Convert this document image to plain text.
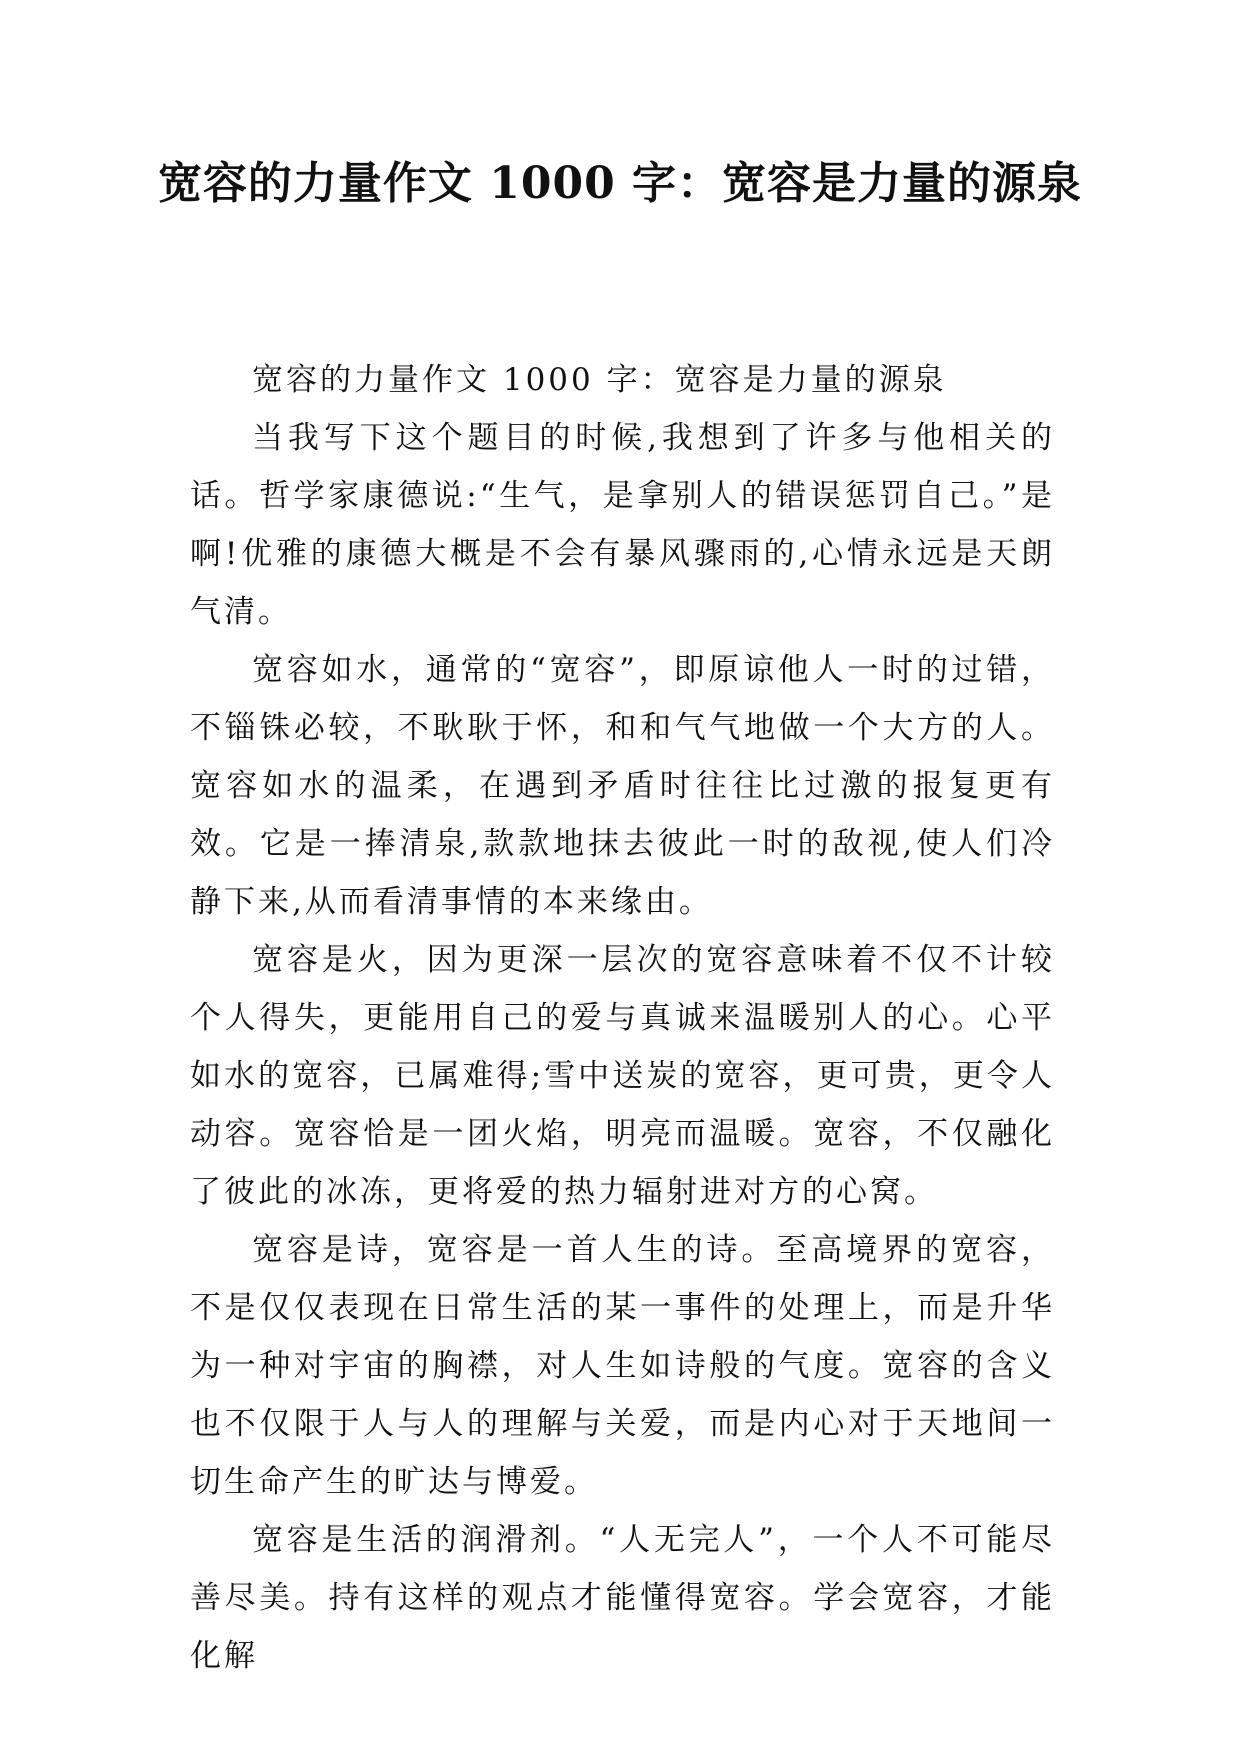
宽容的力量作文 1000 字：宽容是力量的源泉

宽容的力量作文 1000 字：宽容是力量的源泉

当我写下这个题目的时候,我想到了许多与他相关的话。哲学家康德说:“生气，是拿别人的错误惩罚自己。”是啊!优雅的康德大概是不会有暴风骤雨的,心情永远是天朗气清。

宽容如水，通常的“宽容”，即原谅他人一时的过错，不锱铢必较，不耿耿于怀，和和气气地做一个大方的人。宽容如水的温柔，在遇到矛盾时往往比过激的报复更有效。它是一捧清泉,款款地抹去彼此一时的敌视,使人们冷静下来,从而看清事情的本来缘由。

宽容是火，因为更深一层次的宽容意味着不仅不计较个人得失，更能用自己的爱与真诚来温暖别人的心。心平如水的宽容，已属难得;雪中送炭的宽容，更可贵，更令人动容。宽容恰是一团火焰，明亮而温暖。宽容，不仅融化了彼此的冰冻，更将爱的热力辐射进对方的心窝。

宽容是诗，宽容是一首人生的诗。至高境界的宽容，不是仅仅表现在日常生活的某一事件的处理上，而是升华为一种对宇宙的胸襟，对人生如诗般的气度。宽容的含义也不仅限于人与人的理解与关爱，而是内心对于天地间一切生命产生的旷达与博爱。

宽容是生活的润滑剂。“人无完人”，一个人不可能尽善尽美。持有这样的观点才能懂得宽容。学会宽容，才能化解
